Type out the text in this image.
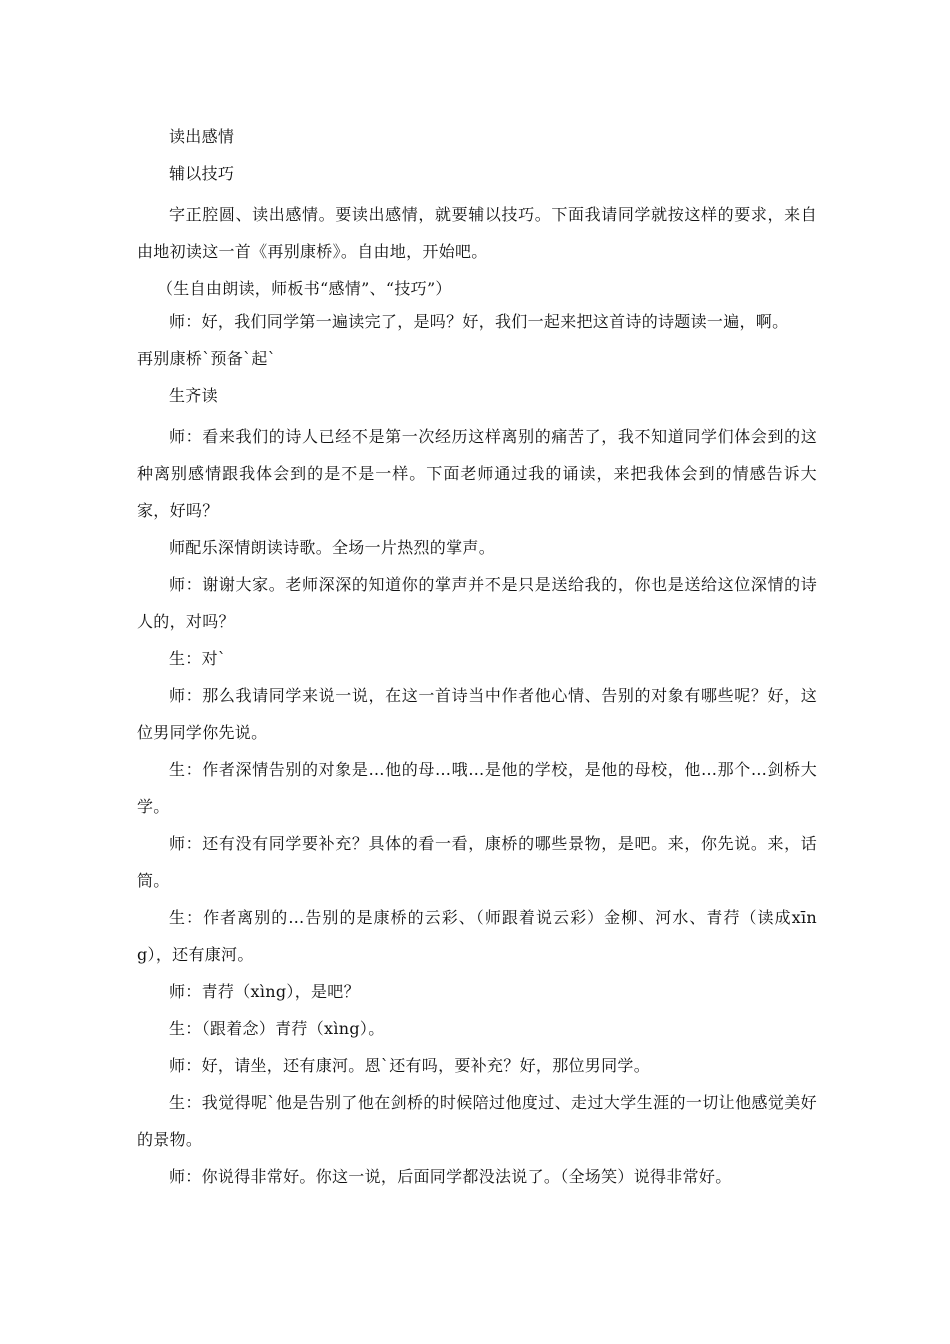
读出感情

辅以技巧

字正腔圆、读出感情。要读出感情，就要辅以技巧。下面我请同学就按这样的要求，来自由地初读这一首《再别康桥》。自由地，开始吧。

（生自由朗读，师板书“感情”、“技巧”）

师：好，我们同学第一遍读完了，是吗？好，我们一起来把这首诗的诗题读一遍，啊。

再别康桥`预备`起`

生齐读

师：看来我们的诗人已经不是第一次经历这样离别的痛苦了，我不知道同学们体会到的这种离别感情跟我体会到的是不是一样。下面老师通过我的诵读，来把我体会到的情感告诉大家，好吗？

师配乐深情朗读诗歌。全场一片热烈的掌声。

师：谢谢大家。老师深深的知道你的掌声并不是只是送给我的，你也是送给这位深情的诗人的，对吗？

生：对`

师：那么我请同学来说一说，在这一首诗当中作者他心情、告别的对象有哪些呢？好，这位男同学你先说。

生：作者深情告别的对象是…他的母…哦…是他的学校，是他的母校，他…那个…剑桥大学。

师：还有没有同学要补充？具体的看一看，康桥的哪些景物，是吧。来，你先说。来，话筒。

生：作者离别的…告别的是康桥的云彩、（师跟着说云彩）金柳、河水、青荇（读成xīng），还有康河。

师：青荇（xìng），是吧？

生：（跟着念）青荇（xìng）。

师：好，请坐，还有康河。恩`还有吗，要补充？好，那位男同学。

生：我觉得呢`他是告别了他在剑桥的时候陪过他度过、走过大学生涯的一切让他感觉美好的景物。

师：你说得非常好。你这一说，后面同学都没法说了。（全场笑）说得非常好。
